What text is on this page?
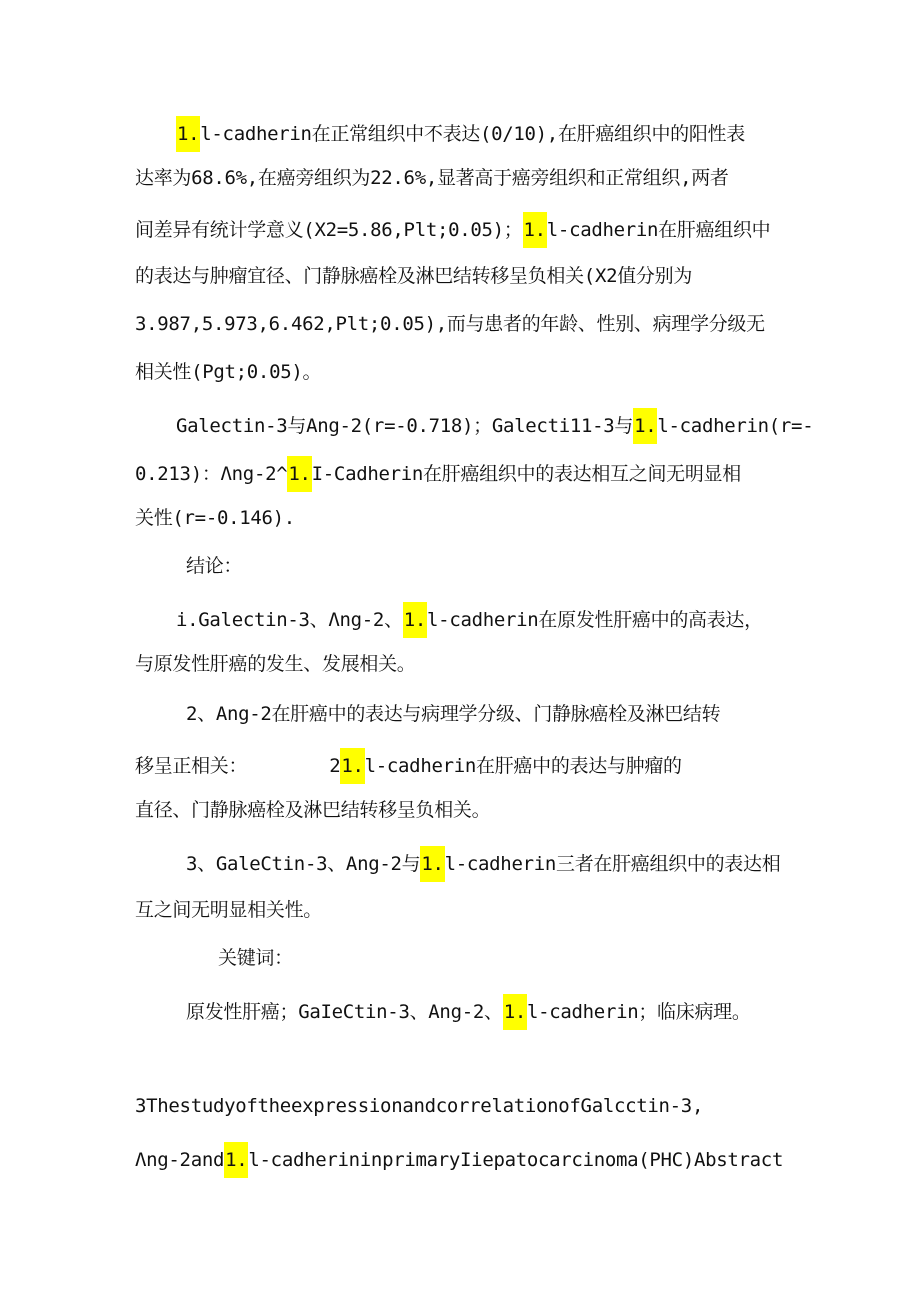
1.l-cadherin在正常组织中不表达(0/10),在肝癌组织中的阳性表
达率为68.6%,在癌旁组织为22.6%,显著高于癌旁组织和正常组织,两者
间差异有统计学意义(X2=5.86,Plt;0.05)；1.l-cadherin在肝癌组织中
的表达与肿瘤宜径、门静脉癌栓及淋巴结转移呈负相关(X2值分别为
3.987,5.973,6.462,Plt;0.05),而与患者的年龄、性别、病理学分级无
相关性(Pgt;0.05)。
Galectin-3与Ang-2(r=-0.718)；Galecti11-3与1.l-cadherin(r=-
0.213)：Λng-2^1.I-Cadherin在肝癌组织中的表达相互之间无明显相
关性(r=-0.146).
结论：
i.Galectin-3、Λng-2、1.l-cadherin在原发性肝癌中的高表达，
与原发性肝癌的发生、发展相关。
2、Ang-2在肝癌中的表达与病理学分级、门静脉癌栓及淋巴结转
移呈正相关：	21.l-cadherin在肝癌中的表达与肿瘤的
直径、门静脉癌栓及淋巴结转移呈负相关。
3、GaleCtin-3、Ang-2与1.l-cadherin三者在肝癌组织中的表达相
互之间无明显相关性。
关键词：
原发性肝癌；GaIeCtin-3、Ang-2、1.l-cadherin；临床病理。
3ThestudyoftheexpressionandcorrelationofGalcctin-3,
Λng-2and1.l-cadherininprimaryIiepatocarcinoma(PHC)Abstract
